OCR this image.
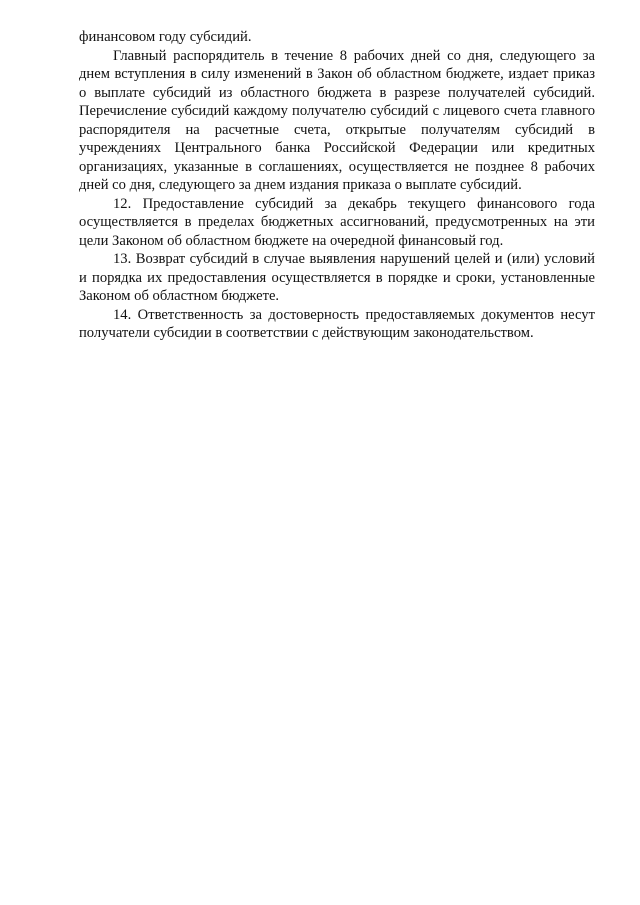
финансовом году субсидий.

Главный распорядитель в течение 8 рабочих дней со дня, следующего за днем вступления в силу изменений в Закон об областном бюджете, издает приказ о выплате субсидий из областного бюджета в разрезе получателей субсидий. Перечисление субсидий каждому получателю субсидий с лицевого счета главного распорядителя на расчетные счета, открытые получателям субсидий в учреждениях Центрального банка Российской Федерации или кредитных организациях, указанные в соглашениях, осуществляется не позднее 8 рабочих дней со дня, следующего за днем издания приказа о выплате субсидий.

12. Предоставление субсидий за декабрь текущего финансового года осуществляется в пределах бюджетных ассигнований, предусмотренных на эти цели Законом об областном бюджете на очередной финансовый год.

13. Возврат субсидий в случае выявления нарушений целей и (или) условий и порядка их предоставления осуществляется в порядке и сроки, установленные Законом об областном бюджете.

14. Ответственность за достоверность предоставляемых документов несут получатели субсидии в соответствии с действующим законодательством.
